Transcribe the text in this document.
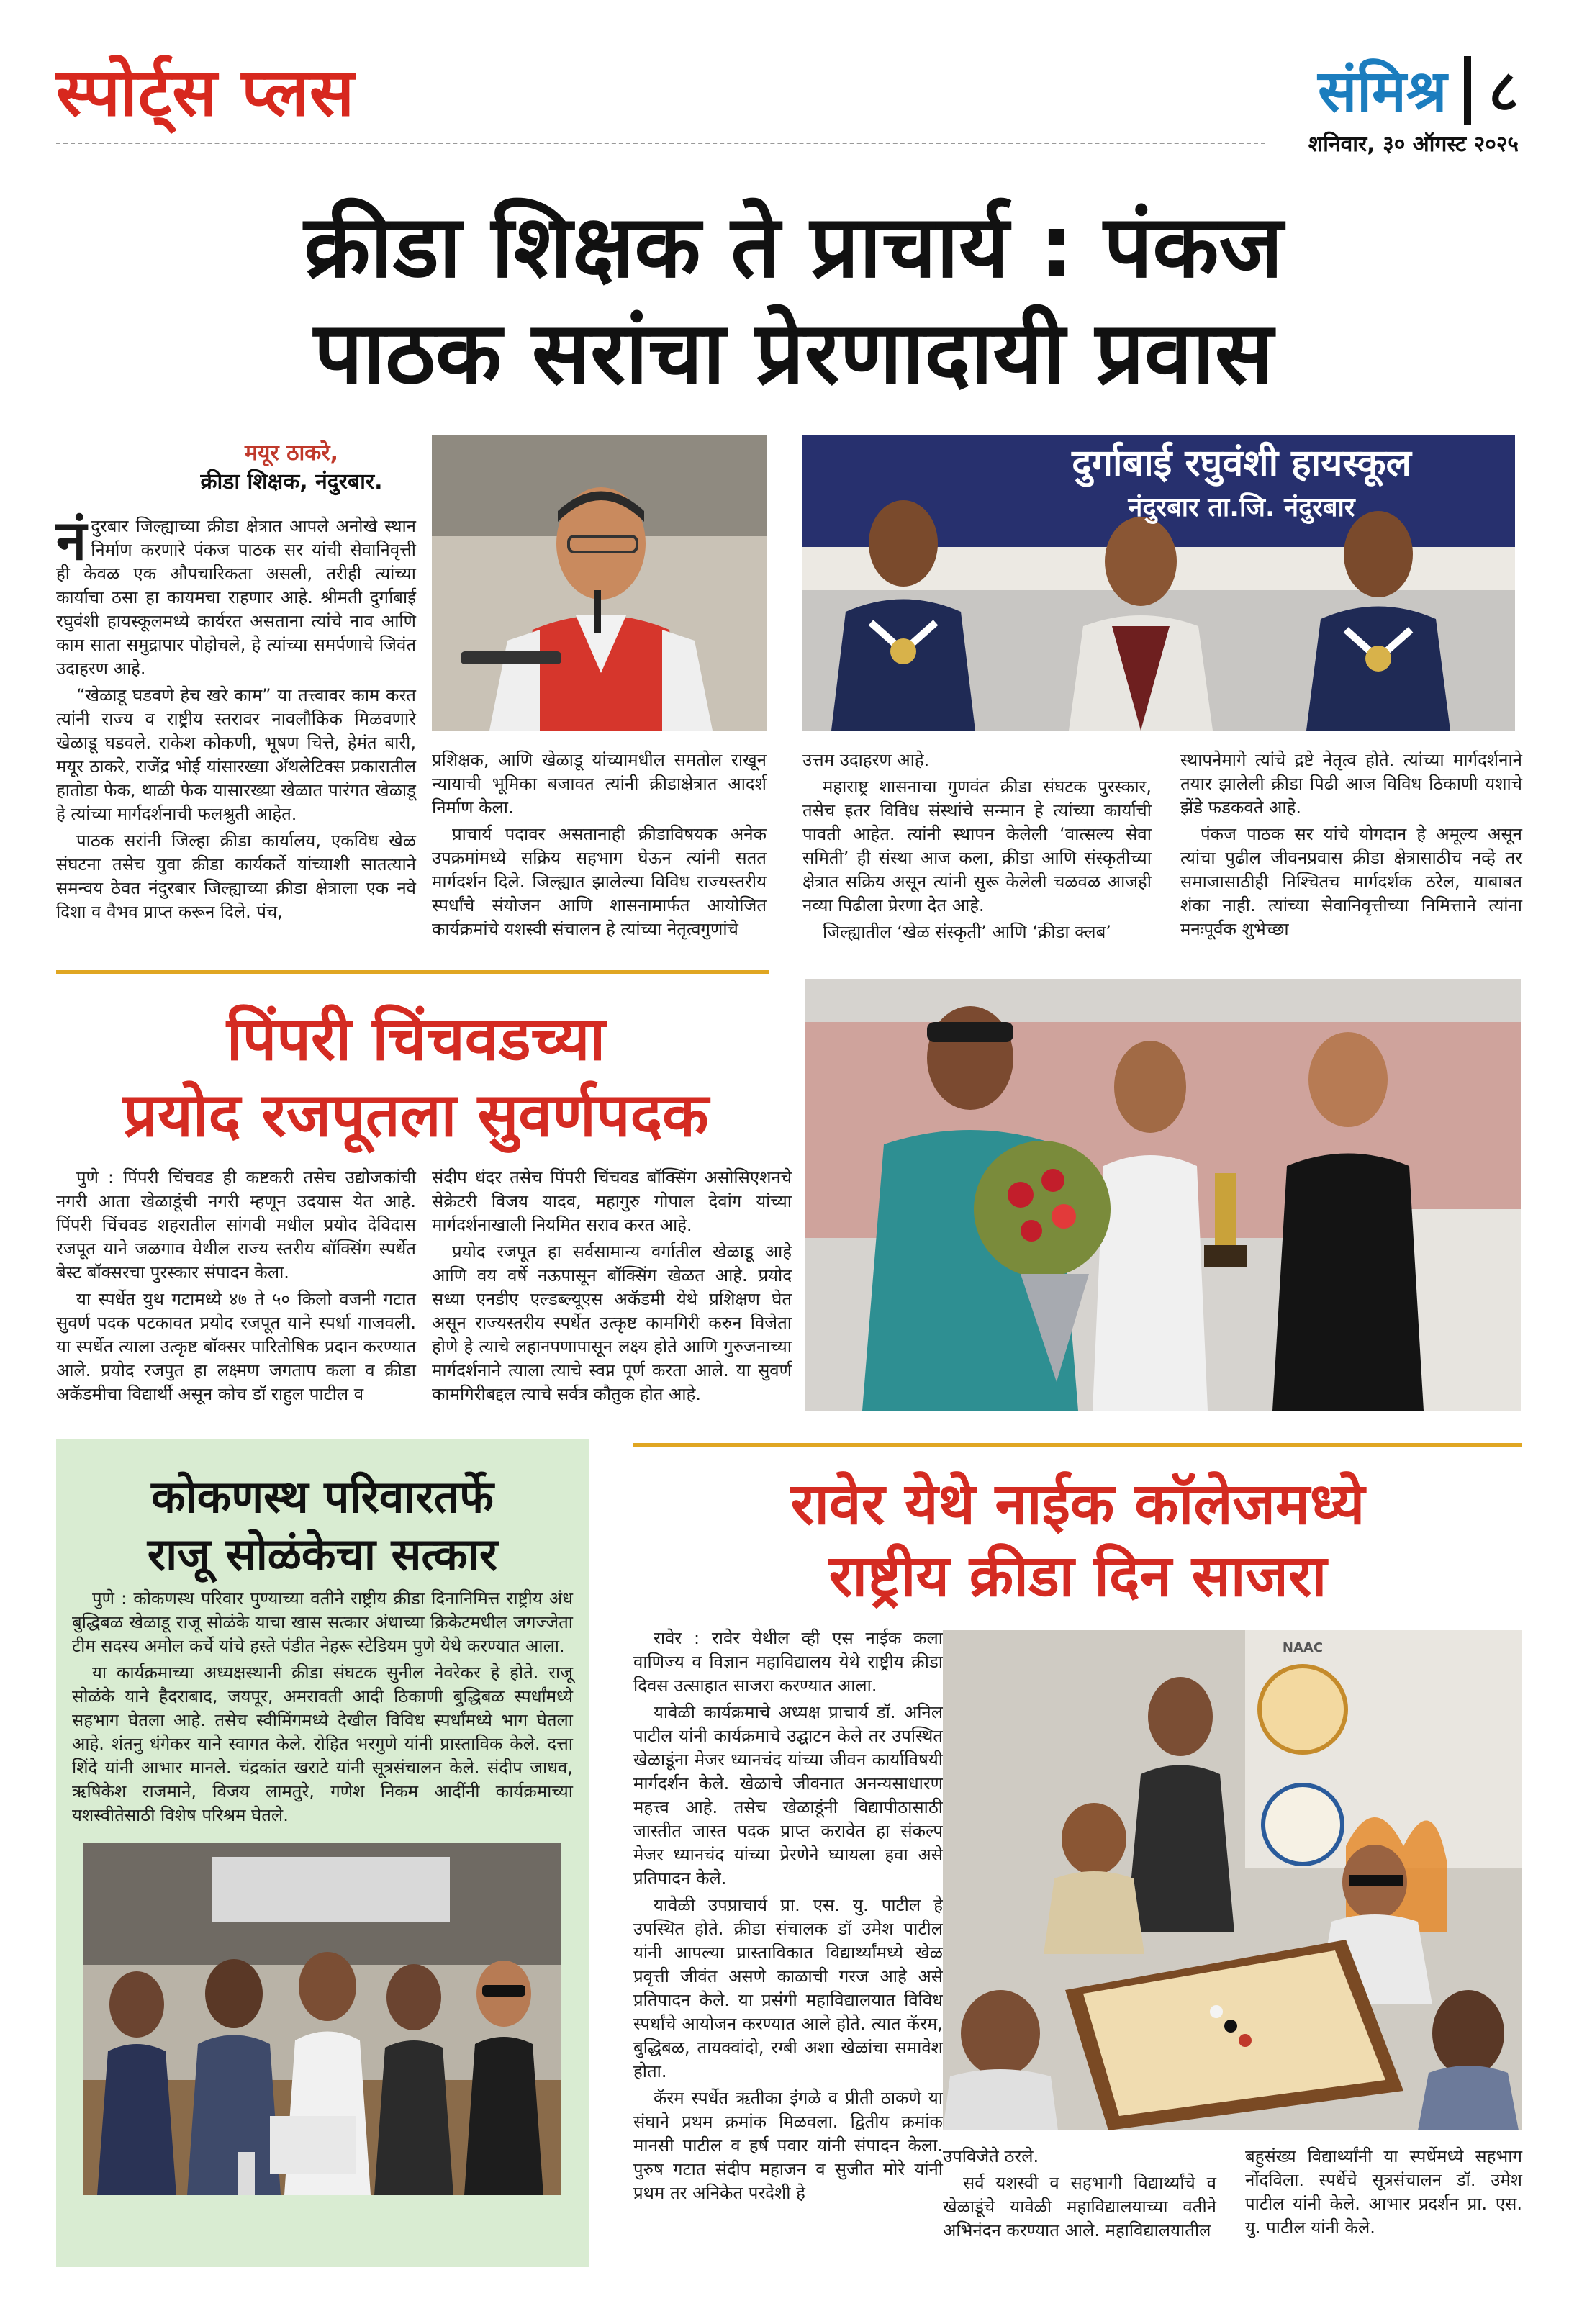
स्पोर्ट्स प्लस	संमिश्र ८
शनिवार, ३० ऑगस्ट २०२५
क्रीडा शिक्षक ते प्राचार्य : पंकज
पाठक सरांचा प्रेरणादायी प्रवास
मयूर ठाकरे,
क्रीडा शिक्षक, नंदुरबार.

नंदुरबार जिल्ह्याच्या क्रीडा क्षेत्रात आपले अनोखे स्थान निर्माण करणारे पंकज पाठक सर यांची सेवानिवृत्ती ही केवळ एक औपचारिकता असली, तरीही त्यांच्या कार्याचा ठसा हा कायमचा राहणार आहे. श्रीमती दुर्गाबाई रघुवंशी हायस्कूलमध्ये कार्यरत असताना त्यांचे नाव आणि काम साता समुद्रापार पोहोचले, हे त्यांच्या समर्पणाचे जिवंत उदाहरण आहे.

“खेळाडू घडवणे हेच खरे काम” या तत्त्वावर काम करत त्यांनी राज्य व राष्ट्रीय स्तरावर नावलौकिक मिळवणारे खेळाडू घडवले. राकेश कोकणी, भूषण चित्ते, हेमंत बारी, मयूर ठाकरे, राजेंद्र भोई यांसारख्या अ‍ॅथलेटिक्स प्रकारातील हातोडा फेक, थाळी फेक यासारख्या खेळात पारंगत खेळाडू हे त्यांच्या मार्गदर्शनाची फलश्रुती आहेत.

पाठक सरांनी जिल्हा क्रीडा कार्यालय, एकविध खेळ संघटना तसेच युवा क्रीडा कार्यकर्ते यांच्याशी सातत्याने समन्वय ठेवत नंदुरबार जिल्ह्याच्या क्रीडा क्षेत्राला एक नवे दिशा व वैभव प्राप्त करून दिले. पंच,

दुर्गाबाई रघुवंशी हायस्कूल
नंदुरबार ता.जि. नंदुरबार

प्रशिक्षक, आणि खेळाडू यांच्यामधील समतोल राखून न्यायाची भूमिका बजावत त्यांनी क्रीडाक्षेत्रात आदर्श निर्माण केला.

प्राचार्य पदावर असतानाही क्रीडाविषयक अनेक उपक्रमांमध्ये सक्रिय सहभाग घेऊन त्यांनी सतत मार्गदर्शन दिले. जिल्ह्यात झालेल्या विविध राज्यस्तरीय स्पर्धांचे संयोजन आणि शासनामार्फत आयोजित कार्यक्रमांचे यशस्वी संचालन हे त्यांच्या नेतृत्वगुणांचे

उत्तम उदाहरण आहे.

महाराष्ट्र शासनाचा गुणवंत क्रीडा संघटक पुरस्कार, तसेच इतर विविध संस्थांचे सन्मान हे त्यांच्या कार्याची पावती आहेत. त्यांनी स्थापन केलेली ‘वात्सल्य सेवा समिती’ ही संस्था आज कला, क्रीडा आणि संस्कृतीच्या क्षेत्रात सक्रिय असून त्यांनी सुरू केलेली चळवळ आजही नव्या पिढीला प्रेरणा देत आहे.

जिल्ह्यातील ‘खेळ संस्कृती’ आणि ‘क्रीडा क्लब’

स्थापनेमागे त्यांचे द्रष्टे नेतृत्व होते. त्यांच्या मार्गदर्शनाने तयार झालेली क्रीडा पिढी आज विविध ठिकाणी यशाचे झेंडे फडकवते आहे.

पंकज पाठक सर यांचे योगदान हे अमूल्य असून त्यांचा पुढील जीवनप्रवास क्रीडा क्षेत्रासाठीच नव्हे तर समाजासाठीही निश्चितच मार्गदर्शक ठरेल, याबाबत शंका नाही. त्यांच्या सेवानिवृत्तीच्या निमित्ताने त्यांना मनःपूर्वक शुभेच्छा

पिंपरी चिंचवडच्या
प्रयोद रजपूतला सुवर्णपदक

पुणे : पिंपरी चिंचवड ही कष्टकरी तसेच उद्योजकांची नगरी आता खेळाडूंची नगरी म्हणून उदयास येत आहे. पिंपरी चिंचवड शहरातील सांगवी मधील प्रयोद देविदास रजपूत याने जळगाव येथील राज्य स्तरीय बॉक्सिंग स्पर्धेत बेस्ट बॉक्सरचा पुरस्कार संपादन केला.

या स्पर्धेत युथ गटामध्ये ४७ ते ५० किलो वजनी गटात सुवर्ण पदक पटकावत प्रयोद रजपूत याने स्पर्धा गाजवली. या स्पर्धेत त्याला उत्कृष्ट बॉक्सर पारितोषिक प्रदान करण्यात आले. प्रयोद रजपुत हा लक्ष्मण जगताप कला व क्रीडा अकॅडमीचा विद्यार्थी असून कोच डॉ राहुल पाटील व

संदीप धंदर तसेच पिंपरी चिंचवड बॉक्सिंग असोसिएशनचे सेक्रेटरी विजय यादव, महागुरु गोपाल देवांग यांच्या मार्गदर्शनाखाली नियमित सराव करत आहे.

प्रयोद रजपूत हा सर्वसामान्य वर्गातील खेळाडू आहे आणि वय वर्षे नऊपासून बॉक्सिंग खेळत आहे. प्रयोद सध्या एनडीए एल्डब्ल्यूएस अकॅडमी येथे प्रशिक्षण घेत असून राज्यस्तरीय स्पर्धेत उत्कृष्ट कामगिरी करुन विजेता होणे हे त्याचे लहानपणापासून लक्ष्य होते आणि गुरुजनाच्या मार्गदर्शनाने त्याला त्याचे स्वप्न पूर्ण करता आले. या सुवर्ण कामगिरीबद्दल त्याचे सर्वत्र कौतुक होत आहे.

कोकणस्थ परिवारतर्फे
राजू सोळंकेचा सत्कार

पुणे : कोकणस्थ परिवार पुण्याच्या वतीने राष्ट्रीय क्रीडा दिनानिमित्त राष्ट्रीय अंध बुद्धिबळ खेळाडू राजू सोळंके याचा खास सत्कार अंधाच्या क्रिकेटमधील जगज्जेता टीम सदस्य अमोल कर्चे यांचे हस्ते पंडीत नेहरू स्टेडियम पुणे येथे करण्यात आला.

या कार्यक्रमाच्या अध्यक्षस्थानी क्रीडा संघटक सुनील नेवरेकर हे होते. राजू सोळंके याने हैदराबाद, जयपूर, अमरावती आदी ठिकाणी बुद्धिबळ स्पर्धांमध्ये सहभाग घेतला आहे. तसेच स्वीमिंगमध्ये देखील विविध स्पर्धांमध्ये भाग घेतला आहे. शंतनु धंगेकर याने स्वागत केले. रोहित भरगुणे यांनी प्रास्ताविक केले. दत्ता शिंदे यांनी आभार मानले. चंद्रकांत खराटे यांनी सूत्रसंचालन केले. संदीप जाधव, ऋषिकेश राजमाने, विजय लामतुरे, गणेश निकम आदींनी कार्यक्रमाच्या यशस्वीतेसाठी विशेष परिश्रम घेतले.

रावेर येथे नाईक कॉलेजमध्ये
राष्ट्रीय क्रीडा दिन साजरा

रावेर : रावेर येथील व्ही एस नाईक कला वाणिज्य व विज्ञान महाविद्यालय येथे राष्ट्रीय क्रीडा दिवस उत्साहात साजरा करण्यात आला.

यावेळी कार्यक्रमाचे अध्यक्ष प्राचार्य डॉ. अनिल पाटील यांनी कार्यक्रमाचे उद्घाटन केले तर उपस्थित खेळाडूंना मेजर ध्यानचंद यांच्या जीवन कार्याविषयी मार्गदर्शन केले. खेळाचे जीवनात अनन्यसाधारण महत्त्व आहे. तसेच खेळाडूंनी विद्यापीठासाठी जास्तीत जास्त पदक प्राप्त करावेत हा संकल्प मेजर ध्यानचंद यांच्या प्रेरणेने घ्यायला हवा असे प्रतिपादन केले.

यावेळी उपप्राचार्य प्रा. एस. यु. पाटील हे उपस्थित होते. क्रीडा संचालक डॉ उमेश पाटील यांनी आपल्या प्रास्ताविकात विद्यार्थ्यांमध्ये खेळ प्रवृत्ती जीवंत असणे काळाची गरज आहे असे प्रतिपादन केले. या प्रसंगी महाविद्यालयात विविध स्पर्धांचे आयोजन करण्यात आले होते. त्यात कॅरम, बुद्धिबळ, तायक्वांदो, रग्बी अशा खेळांचा समावेश होता.

कॅरम स्पर्धेत ऋतीका इंगळे व प्रीती ठाकणे या संघाने प्रथम क्रमांक मिळवला. द्वितीय क्रमांक मानसी पाटील व हर्ष पवार यांनी संपादन केला. पुरुष गटात संदीप महाजन व सुजीत मोरे यांनी प्रथम तर अनिकेत परदेशी हे

NAAC

उपविजेते ठरले.

सर्व यशस्वी व सहभागी विद्यार्थ्यांचे व खेळाडूंचे यावेळी महाविद्यालयाच्या वतीने अभिनंदन करण्यात आले. महाविद्यालयातील

बहुसंख्य विद्यार्थ्यांनी या स्पर्धेमध्ये सहभाग नोंदविला. स्पर्धेचे सूत्रसंचालन डॉ. उमेश पाटील यांनी केले. आभार प्रदर्शन प्रा. एस. यु. पाटील यांनी केले.
